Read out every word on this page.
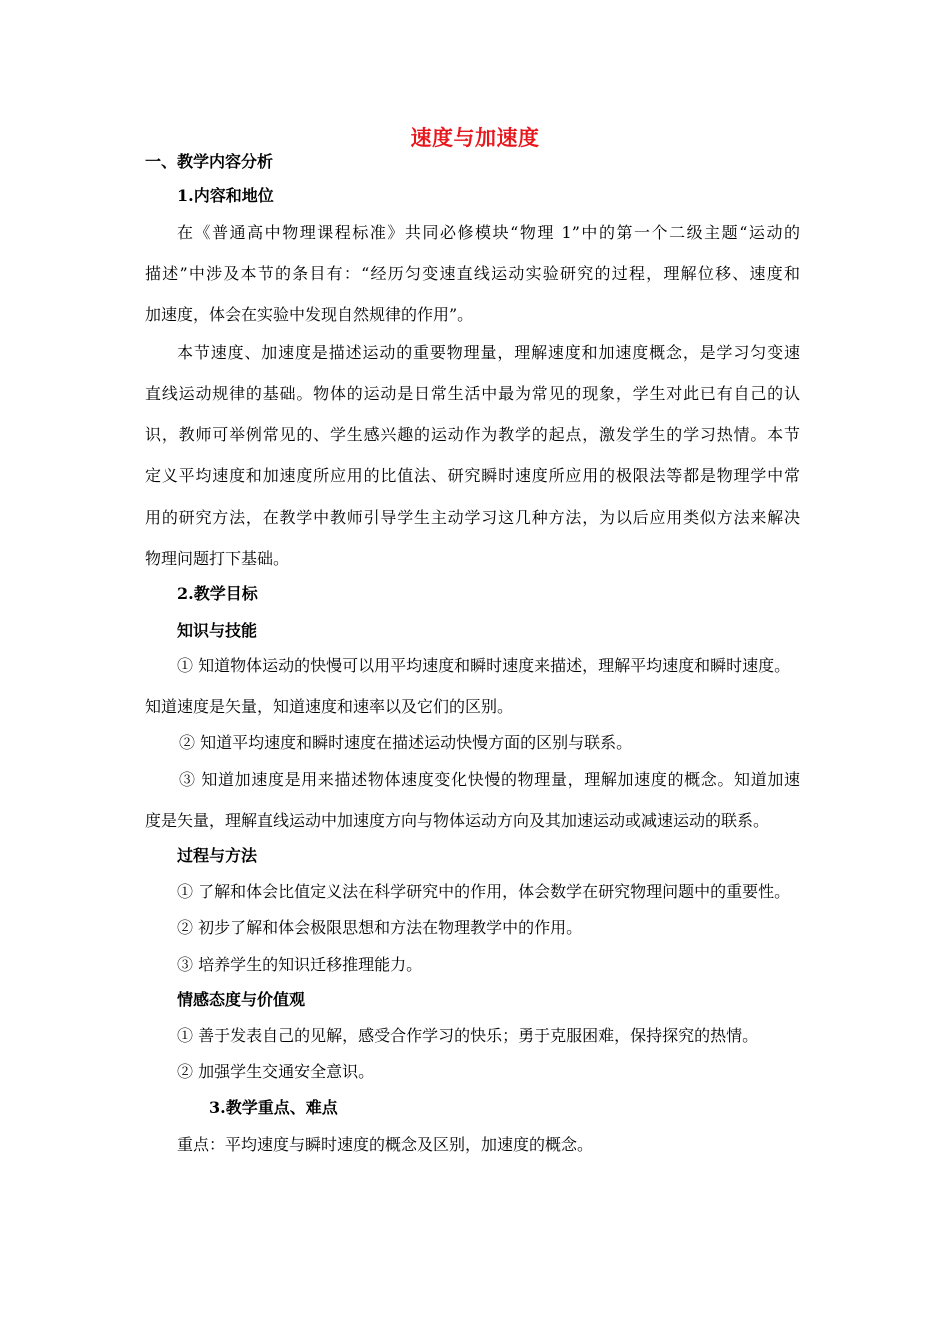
速度与加速度
一、教学内容分析
1.内容和地位
在《普通高中物理课程标准》共同必修模块“物理 1”中的第一个二级主题“运动的
描述”中涉及本节的条目有：“经历匀变速直线运动实验研究的过程，理解位移、速度和
加速度，体会在实验中发现自然规律的作用”。
本节速度、加速度是描述运动的重要物理量，理解速度和加速度概念，是学习匀变速
直线运动规律的基础。物体的运动是日常生活中最为常见的现象，学生对此已有自己的认
识，教师可举例常见的、学生感兴趣的运动作为教学的起点，激发学生的学习热情。本节
定义平均速度和加速度所应用的比值法、研究瞬时速度所应用的极限法等都是物理学中常
用的研究方法，在教学中教师引导学生主动学习这几种方法，为以后应用类似方法来解决
物理问题打下基础。
2.教学目标
知识与技能
① 知道物体运动的快慢可以用平均速度和瞬时速度来描述，理解平均速度和瞬时速度。
知道速度是矢量，知道速度和速率以及它们的区别。
② 知道平均速度和瞬时速度在描述运动快慢方面的区别与联系。
③ 知道加速度是用来描述物体速度变化快慢的物理量，理解加速度的概念。知道加速
度是矢量，理解直线运动中加速度方向与物体运动方向及其加速运动或减速运动的联系。
过程与方法
① 了解和体会比值定义法在科学研究中的作用，体会数学在研究物理问题中的重要性。
② 初步了解和体会极限思想和方法在物理教学中的作用。
③ 培养学生的知识迁移推理能力。
情感态度与价值观
① 善于发表自己的见解，感受合作学习的快乐；勇于克服困难，保持探究的热情。
② 加强学生交通安全意识。
3.教学重点、难点
重点：平均速度与瞬时速度的概念及区别，加速度的概念。
